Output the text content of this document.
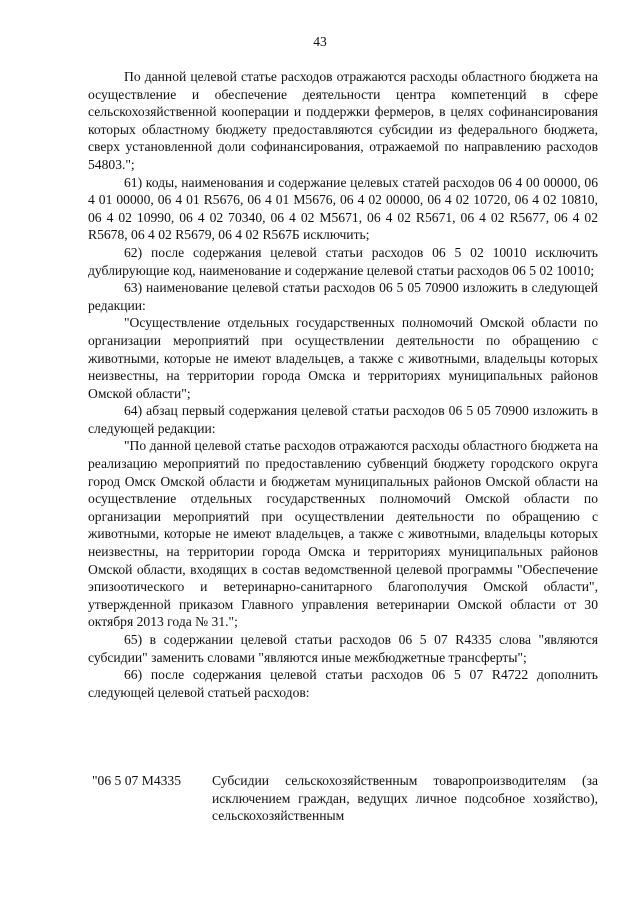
43

По данной целевой статье расходов отражаются расходы областного бюджета на осуществление и обеспечение деятельности центра компетенций в сфере сельскохозяйственной кооперации и поддержки фермеров, в целях софинансирования которых областному бюджету предоставляются субсидии из федерального бюджета, сверх установленной доли софинансирования, отражаемой по направлению расходов 54803.";

61) коды, наименования и содержание целевых статей расходов 06 4 00 00000, 06 4 01 00000, 06 4 01 R5676, 06 4 01 M5676, 06 4 02 00000, 06 4 02 10720, 06 4 02 10810, 06 4 02 10990, 06 4 02 70340, 06 4 02 M5671, 06 4 02 R5671, 06 4 02 R5677, 06 4 02 R5678, 06 4 02 R5679, 06 4 02 R567Б исключить;

62) после содержания целевой статьи расходов 06 5 02 10010 исключить дублирующие код, наименование и содержание целевой статьи расходов 06 5 02 10010;

63) наименование целевой статьи расходов 06 5 05 70900 изложить в следующей редакции:

"Осуществление отдельных государственных полномочий Омской области по организации мероприятий при осуществлении деятельности по обращению с животными, которые не имеют владельцев, а также с животными, владельцы которых неизвестны, на территории города Омска и территориях муниципальных районов Омской области";

64) абзац первый содержания целевой статьи расходов 06 5 05 70900 изложить в следующей редакции:

"По данной целевой статье расходов отражаются расходы областного бюджета на реализацию мероприятий по предоставлению субвенций бюджету городского округа город Омск Омской области и бюджетам муниципальных районов Омской области на осуществление отдельных государственных полномочий Омской области по организации мероприятий при осуществлении деятельности по обращению с животными, которые не имеют владельцев, а также с животными, владельцы которых неизвестны, на территории города Омска и территориях муниципальных районов Омской области, входящих в состав ведомственной целевой программы "Обеспечение эпизоотического и ветеринарно-санитарного благополучия Омской области", утвержденной приказом Главного управления ветеринарии Омской области от 30 октября 2013 года № 31.";

65) в содержании целевой статьи расходов 06 5 07 R4335 слова "являются субсидии" заменить словами "являются иные межбюджетные трансферты";

66) после содержания целевой статьи расходов 06 5 07 R4722 дополнить следующей целевой статьей расходов:

"06 5 07 M4335	Субсидии сельскохозяйственным товаропроизводителям (за исключением граждан, ведущих личное подсобное хозяйство), сельскохозяйственным
